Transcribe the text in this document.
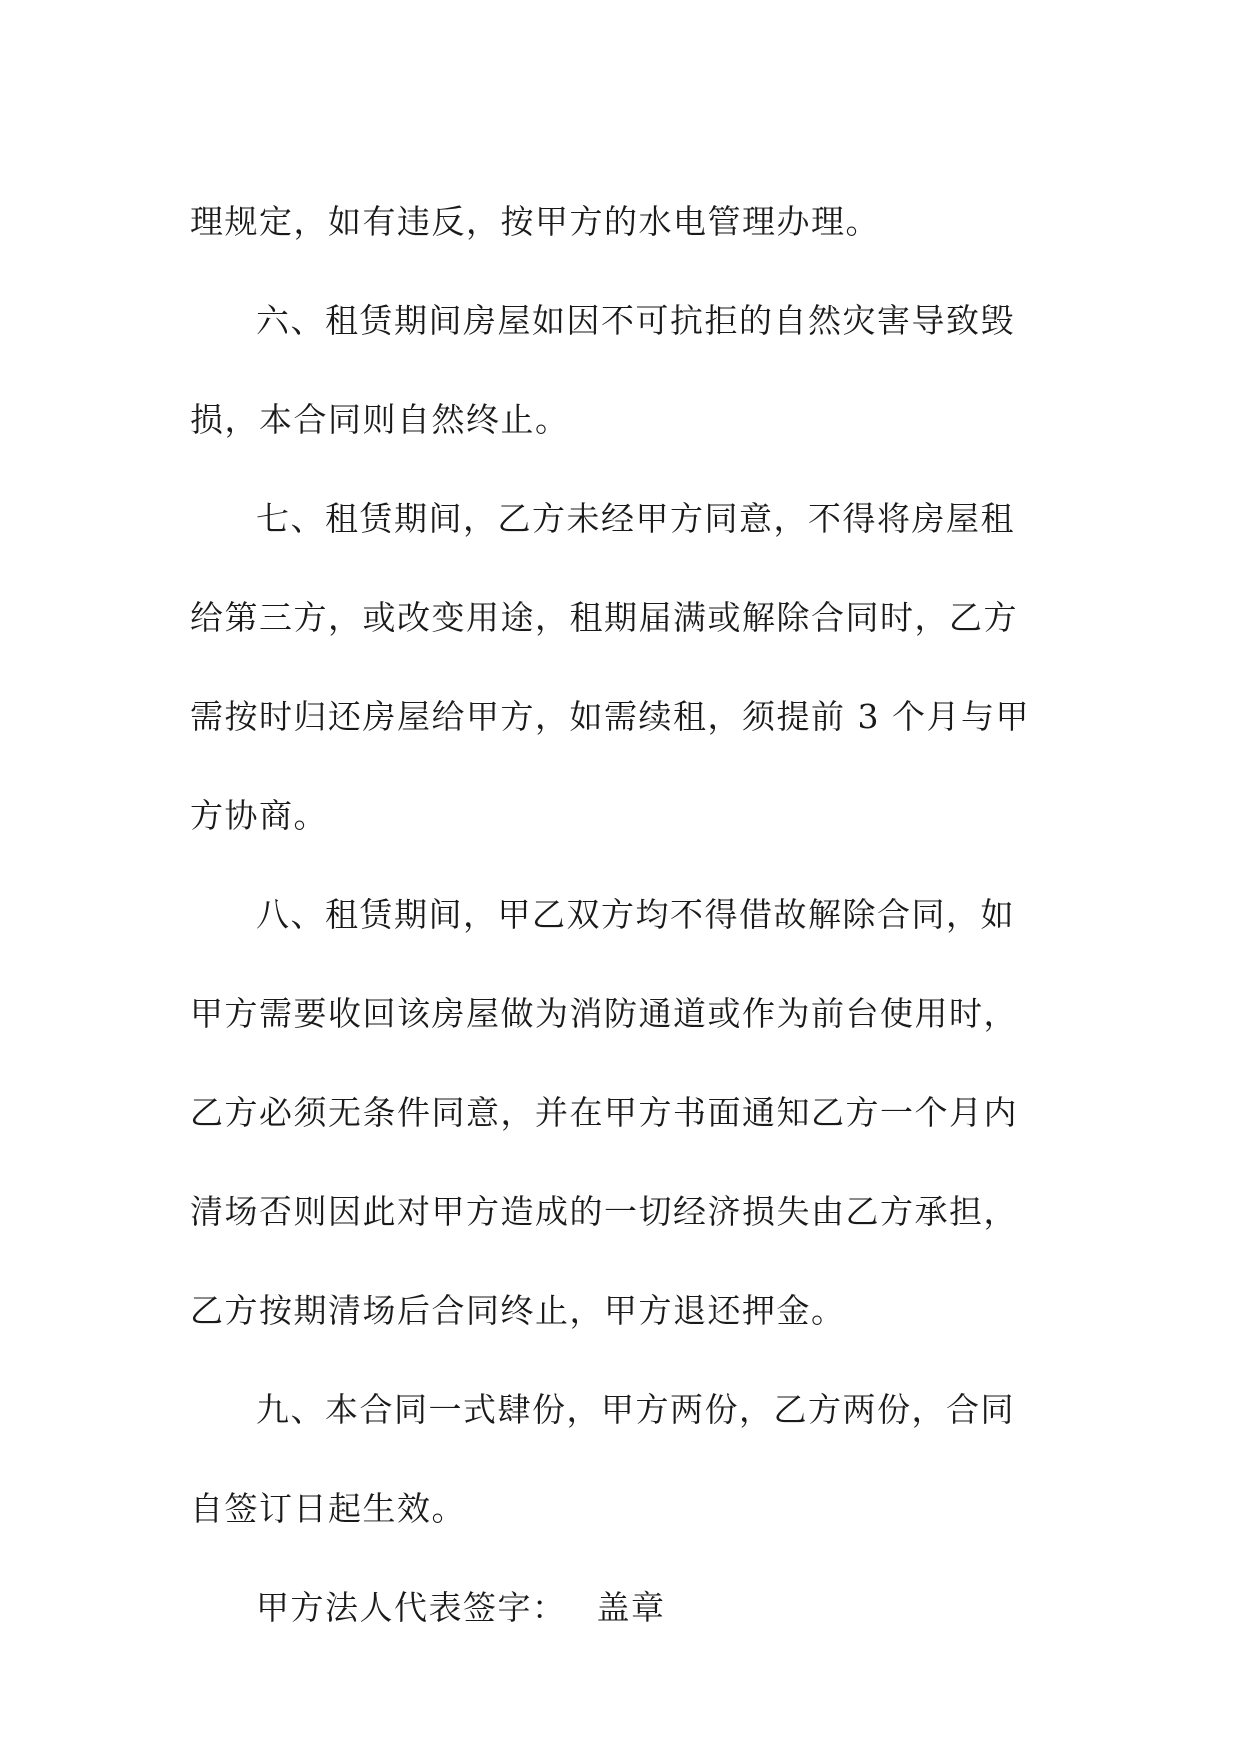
理规定，如有违反，按甲方的水电管理办理。

六、租赁期间房屋如因不可抗拒的自然灾害导致毁损，本合同则自然终止。

七、租赁期间，乙方未经甲方同意，不得将房屋租给第三方，或改变用途，租期届满或解除合同时，乙方需按时归还房屋给甲方，如需续租，须提前 3 个月与甲方协商。

八、租赁期间，甲乙双方均不得借故解除合同，如甲方需要收回该房屋做为消防通道或作为前台使用时，乙方必须无条件同意，并在甲方书面通知乙方一个月内清场否则因此对甲方造成的一切经济损失由乙方承担，乙方按期清场后合同终止，甲方退还押金。

九、本合同一式肆份，甲方两份，乙方两份，合同自签订日起生效。

甲方法人代表签字： 盖章
